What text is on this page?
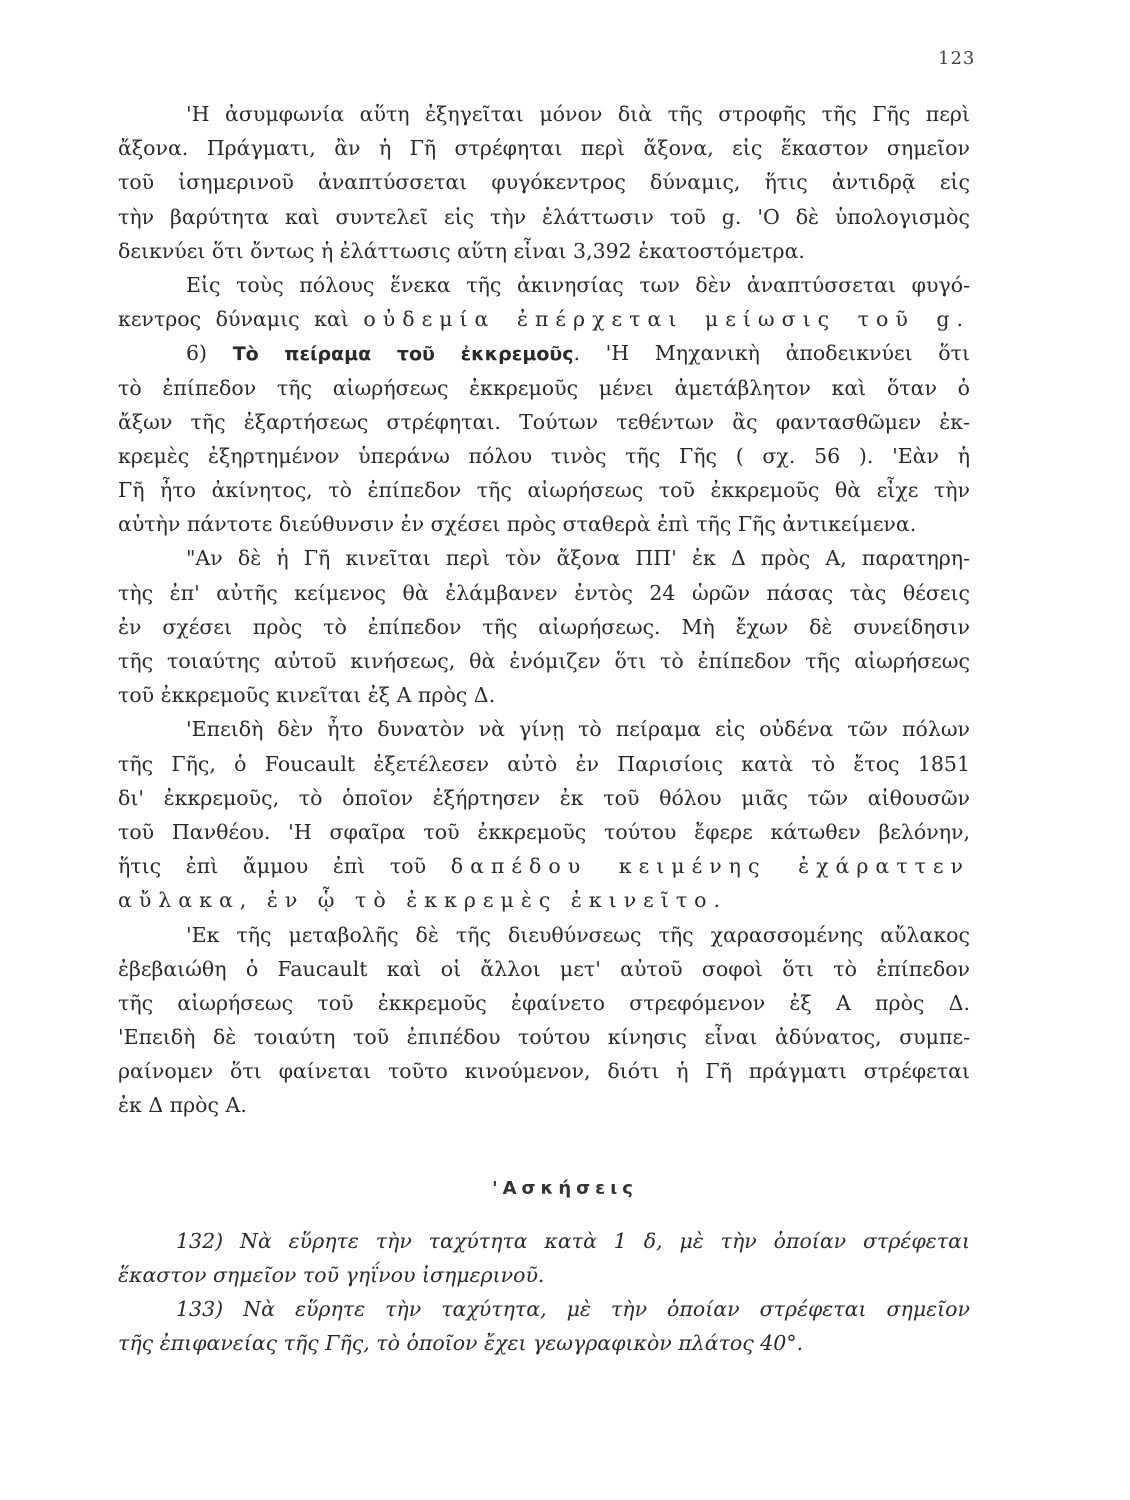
123
'Η ἀσυμφωνία αὕτη ἐξηγεῖται μόνον διὰ τῆς στροφῆς τῆς Γῆς περὶ
ἄξονα. Πράγματι, ἂν ἡ Γῆ στρέφηται περὶ ἄξονα, εἰς ἕκαστον σημεῖον
τοῦ ἰσημερινοῦ ἀναπτύσσεται φυγόκεντρος δύναμις, ἥτις ἀντιδρᾷ εἰς
τὴν βαρύτητα καὶ συντελεῖ εἰς τὴν ἐλάττωσιν τοῦ g. 'Ο δὲ ὑπολογισμὸς
δεικνύει ὅτι ὄντως ἡ ἐλάττωσις αὕτη εἶναι 3,392 ἑκατοστόμετρα.
Εἰς τοὺς πόλους ἕνεκα τῆς ἀκινησίας των δὲν ἀναπτύσσεται φυγό-
κεντρος δύναμις καὶ οὐδεμία ἐπέρχεται μείωσις τοῦ g.
6) Τὸ πείραμα τοῦ ἐκκρεμοῦς. 'Η Μηχανικὴ ἀποδεικνύει ὅτι
τὸ ἐπίπεδον τῆς αἰωρήσεως ἐκκρεμοῦς μένει ἀμετάβλητον καὶ ὅταν ὁ
ἄξων τῆς ἐξαρτήσεως στρέφηται. Τούτων τεθέντων ἂς φαντασθῶμεν ἐκ-
κρεμὲς ἐξηρτημένον ὑπεράνω πόλου τινὸς τῆς Γῆς ( σχ. 56 ). 'Εὰν ἡ
Γῆ ἦτο ἀκίνητος, τὸ ἐπίπεδον τῆς αἰωρήσεως τοῦ ἐκκρεμοῦς θὰ εἶχε τὴν
αὐτὴν πάντοτε διεύθυνσιν ἐν σχέσει πρὸς σταθερὰ ἐπὶ τῆς Γῆς ἀντικείμενα.
"Αν δὲ ἡ Γῆ κινεῖται περὶ τὸν ἄξονα ΠΠ' ἐκ Δ πρὸς Α, παρατηρη-
τὴς ἐπ' αὐτῆς κείμενος θὰ ἐλάμβανεν ἐντὸς 24 ὡρῶν πάσας τὰς θέσεις
ἐν σχέσει πρὸς τὸ ἐπίπεδον τῆς αἰωρήσεως. Μὴ ἔχων δὲ συνείδησιν
τῆς τοιαύτης αὐτοῦ κινήσεως, θὰ ἐνόμιζεν ὅτι τὸ ἐπίπεδον τῆς αἰωρήσεως
τοῦ ἐκκρεμοῦς κινεῖται ἐξ Α πρὸς Δ.
'Επειδὴ δὲν ἦτο δυνατὸν νὰ γίνῃ τὸ πείραμα εἰς οὐδένα τῶν πόλων
τῆς Γῆς, ὁ Foucault ἐξετέλεσεν αὐτὸ ἐν Παρισίοις κατὰ τὸ ἔτος 1851
δι' ἐκκρεμοῦς, τὸ ὁποῖον ἐξήρτησεν ἐκ τοῦ θόλου μιᾶς τῶν αἰθουσῶν
τοῦ Πανθέου. 'Η σφαῖρα τοῦ ἐκκρεμοῦς τούτου ἔφερε κάτωθεν βελόνην,
ἥτις ἐπὶ ἄμμου ἐπὶ τοῦ δαπέδου κειμένης ἐχάραττεν
αὔλακα, ἐν ᾧ τὸ ἐκκρεμὲς ἐκινεῖτο.
'Εκ τῆς μεταβολῆς δὲ τῆς διευθύνσεως τῆς χαρασσομένης αὔλακος
ἐβεβαιώθη ὁ Faucault καὶ οἱ ἄλλοι μετ' αὐτοῦ σοφοὶ ὅτι τὸ ἐπίπεδον
τῆς αἰωρήσεως τοῦ ἐκκρεμοῦς ἐφαίνετο στρεφόμενον ἐξ Α πρὸς Δ.
'Επειδὴ δὲ τοιαύτη τοῦ ἐπιπέδου τούτου κίνησις εἶναι ἀδύνατος, συμπε-
ραίνομεν ὅτι φαίνεται τοῦτο κινούμενον, διότι ἡ Γῆ πράγματι στρέφεται
ἐκ Δ πρὸς Α.
'Ασκήσεις
132) Νὰ εὕρητε τὴν ταχύτητα κατὰ 1 δ, μὲ τὴν ὁποίαν στρέφεται
ἕκαστον σημεῖον τοῦ γηΐνου ἰσημερινοῦ.
133) Νὰ εὕρητε τὴν ταχύτητα, μὲ τὴν ὁποίαν στρέφεται σημεῖον
τῆς ἐπιφανείας τῆς Γῆς, τὸ ὁποῖον ἔχει γεωγραφικὸν πλάτος 40°.
